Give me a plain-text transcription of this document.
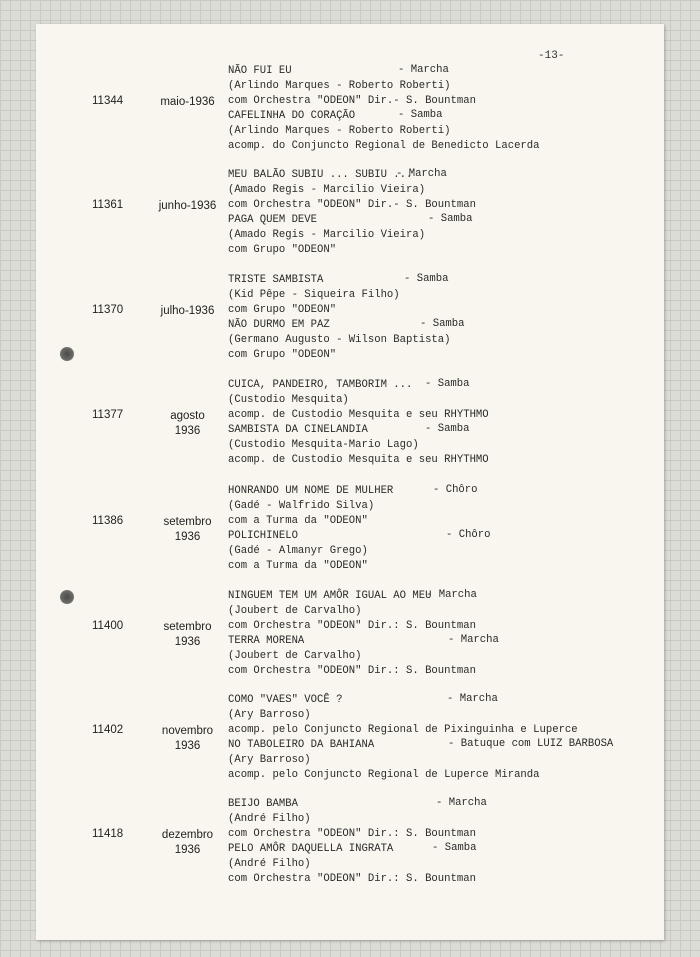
-13-
11344	maio-1936
NÃO FUI EU	- Marcha
(Arlindo Marques - Roberto Roberti)
com Orchestra "ODEON" Dir.- S. Bountman
CAFELINHA DO CORAÇÃO	- Samba
(Arlindo Marques - Roberto Roberti)
acomp. do Conjuncto Regional de Benedicto Lacerda
11361	junho-1936
MEU BALÃO SUBIU ... SUBIU ...
- Marcha
(Amado Regis - Marcilio Vieira)
com Orchestra "ODEON" Dir.- S. Bountman
PAGA QUEM DEVE	- Samba
(Amado Regis - Marcilio Vieira)
com Grupo "ODEON"
11370	julho-1936
TRISTE SAMBISTA	- Samba
(Kid Pêpe - Siqueira Filho)
com Grupo "ODEON"
NÃO DURMO EM PAZ	- Samba
(Germano Augusto - Wilson Baptista)
com Grupo "ODEON"
11377	agosto
1936
CUICA, PANDEIRO, TAMBORIM ... - Samba
(Custodio Mesquita)
acomp. de Custodio Mesquita e seu RHYTHMO
SAMBISTA DA CINELANDIA	- Samba
(Custodio Mesquita-Mario Lago)
acomp. de Custodio Mesquita e seu RHYTHMO
11386	setembro
1936
HONRANDO UM NOME DE MULHER	- Chôro
(Gadé - Walfrido Silva)
com a Turma da "ODEON"
POLICHINELO	- Chôro
(Gadé - Almanyr Grego)
com a Turma da "ODEON"
11400	setembro
1936
NINGUEM TEM UM AMÔR IGUAL AO MEU
- Marcha
(Joubert de Carvalho)
com Orchestra "ODEON" Dir.: S. Bountman
TERRA MORENA	- Marcha
(Joubert de Carvalho)
com Orchestra "ODEON" Dir.: S. Bountman
11402	novembro
1936
COMO "VAES" VOCÊ ?	- Marcha
(Ary Barroso)
acomp. pelo Conjuncto Regional de Pixinguinha e Luperce
NO TABOLEIRO DA BAHIANA	- Batuque com LUIZ BARBOSA
(Ary Barroso)
acomp. pelo Conjuncto Regional de Luperce Miranda
11418	dezembro
1936
BEIJO BAMBA	- Marcha
(André Filho)
com Orchestra "ODEON" Dir.: S. Bountman
PELO AMÔR DAQUELLA INGRATA	- Samba
(André Filho)
com Orchestra "ODEON" Dir.: S. Bountman
